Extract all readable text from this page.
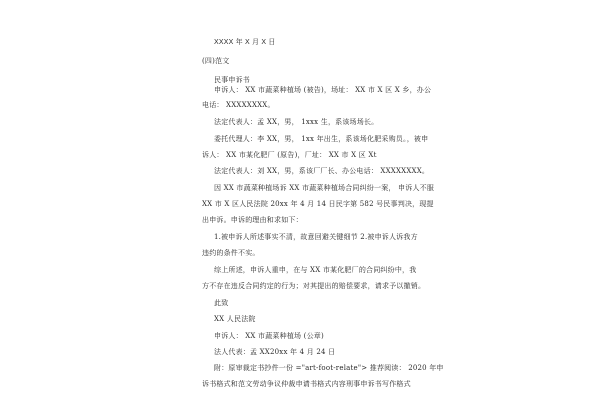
XXXX 年 X 月 X 日
(四)范文
民事申诉书
申诉人： XX 市蔬菜种植场 (被告)，场址： XX 市 X 区 X 乡，办公
电话： XXXXXXXX。
法定代表人：孟 XX，男， 1xxx 生，系该场场长。
委托代理人：李 XX，男， 1xx 年出生，系该场化肥采购员。，被申
诉人： XX 市某化肥厂 (原告)，厂址： XX 市 X 区 Xt
法定代表人：刘 XX，男，系该厂厂长、办公电话： XXXXXXXX。
因 XX 市蔬菜种植场诉 XX 市蔬菜种植场合同纠纷一案， 申诉人不服
XX 市 X 区人民法院 20xx 年 4 月 14 日民字第 582 号民事判决，现提
出申诉。申诉的理由和求如下：
1.被申诉人所述事实不清，故意回避关键细节 2.被申诉人诉我方
违约的条件不实。
综上所述，申诉人重申，在与 XX 市某化肥厂的合同纠纷中，我
方不存在违反合同约定的行为；对其提出的赔偿要求，请求予以撤销。
此致
XX 人民法院
申诉人： XX 市蔬菜种植场 (公章)
法人代表：孟 XX20xx 年 4 月 24 日
附：原审裁定书抄件一份 ="art-foot-relate"> 推荐阅读： 2020 年申
诉书格式和范文劳动争议仲裁申请书格式内容刑事申诉书写作格式
